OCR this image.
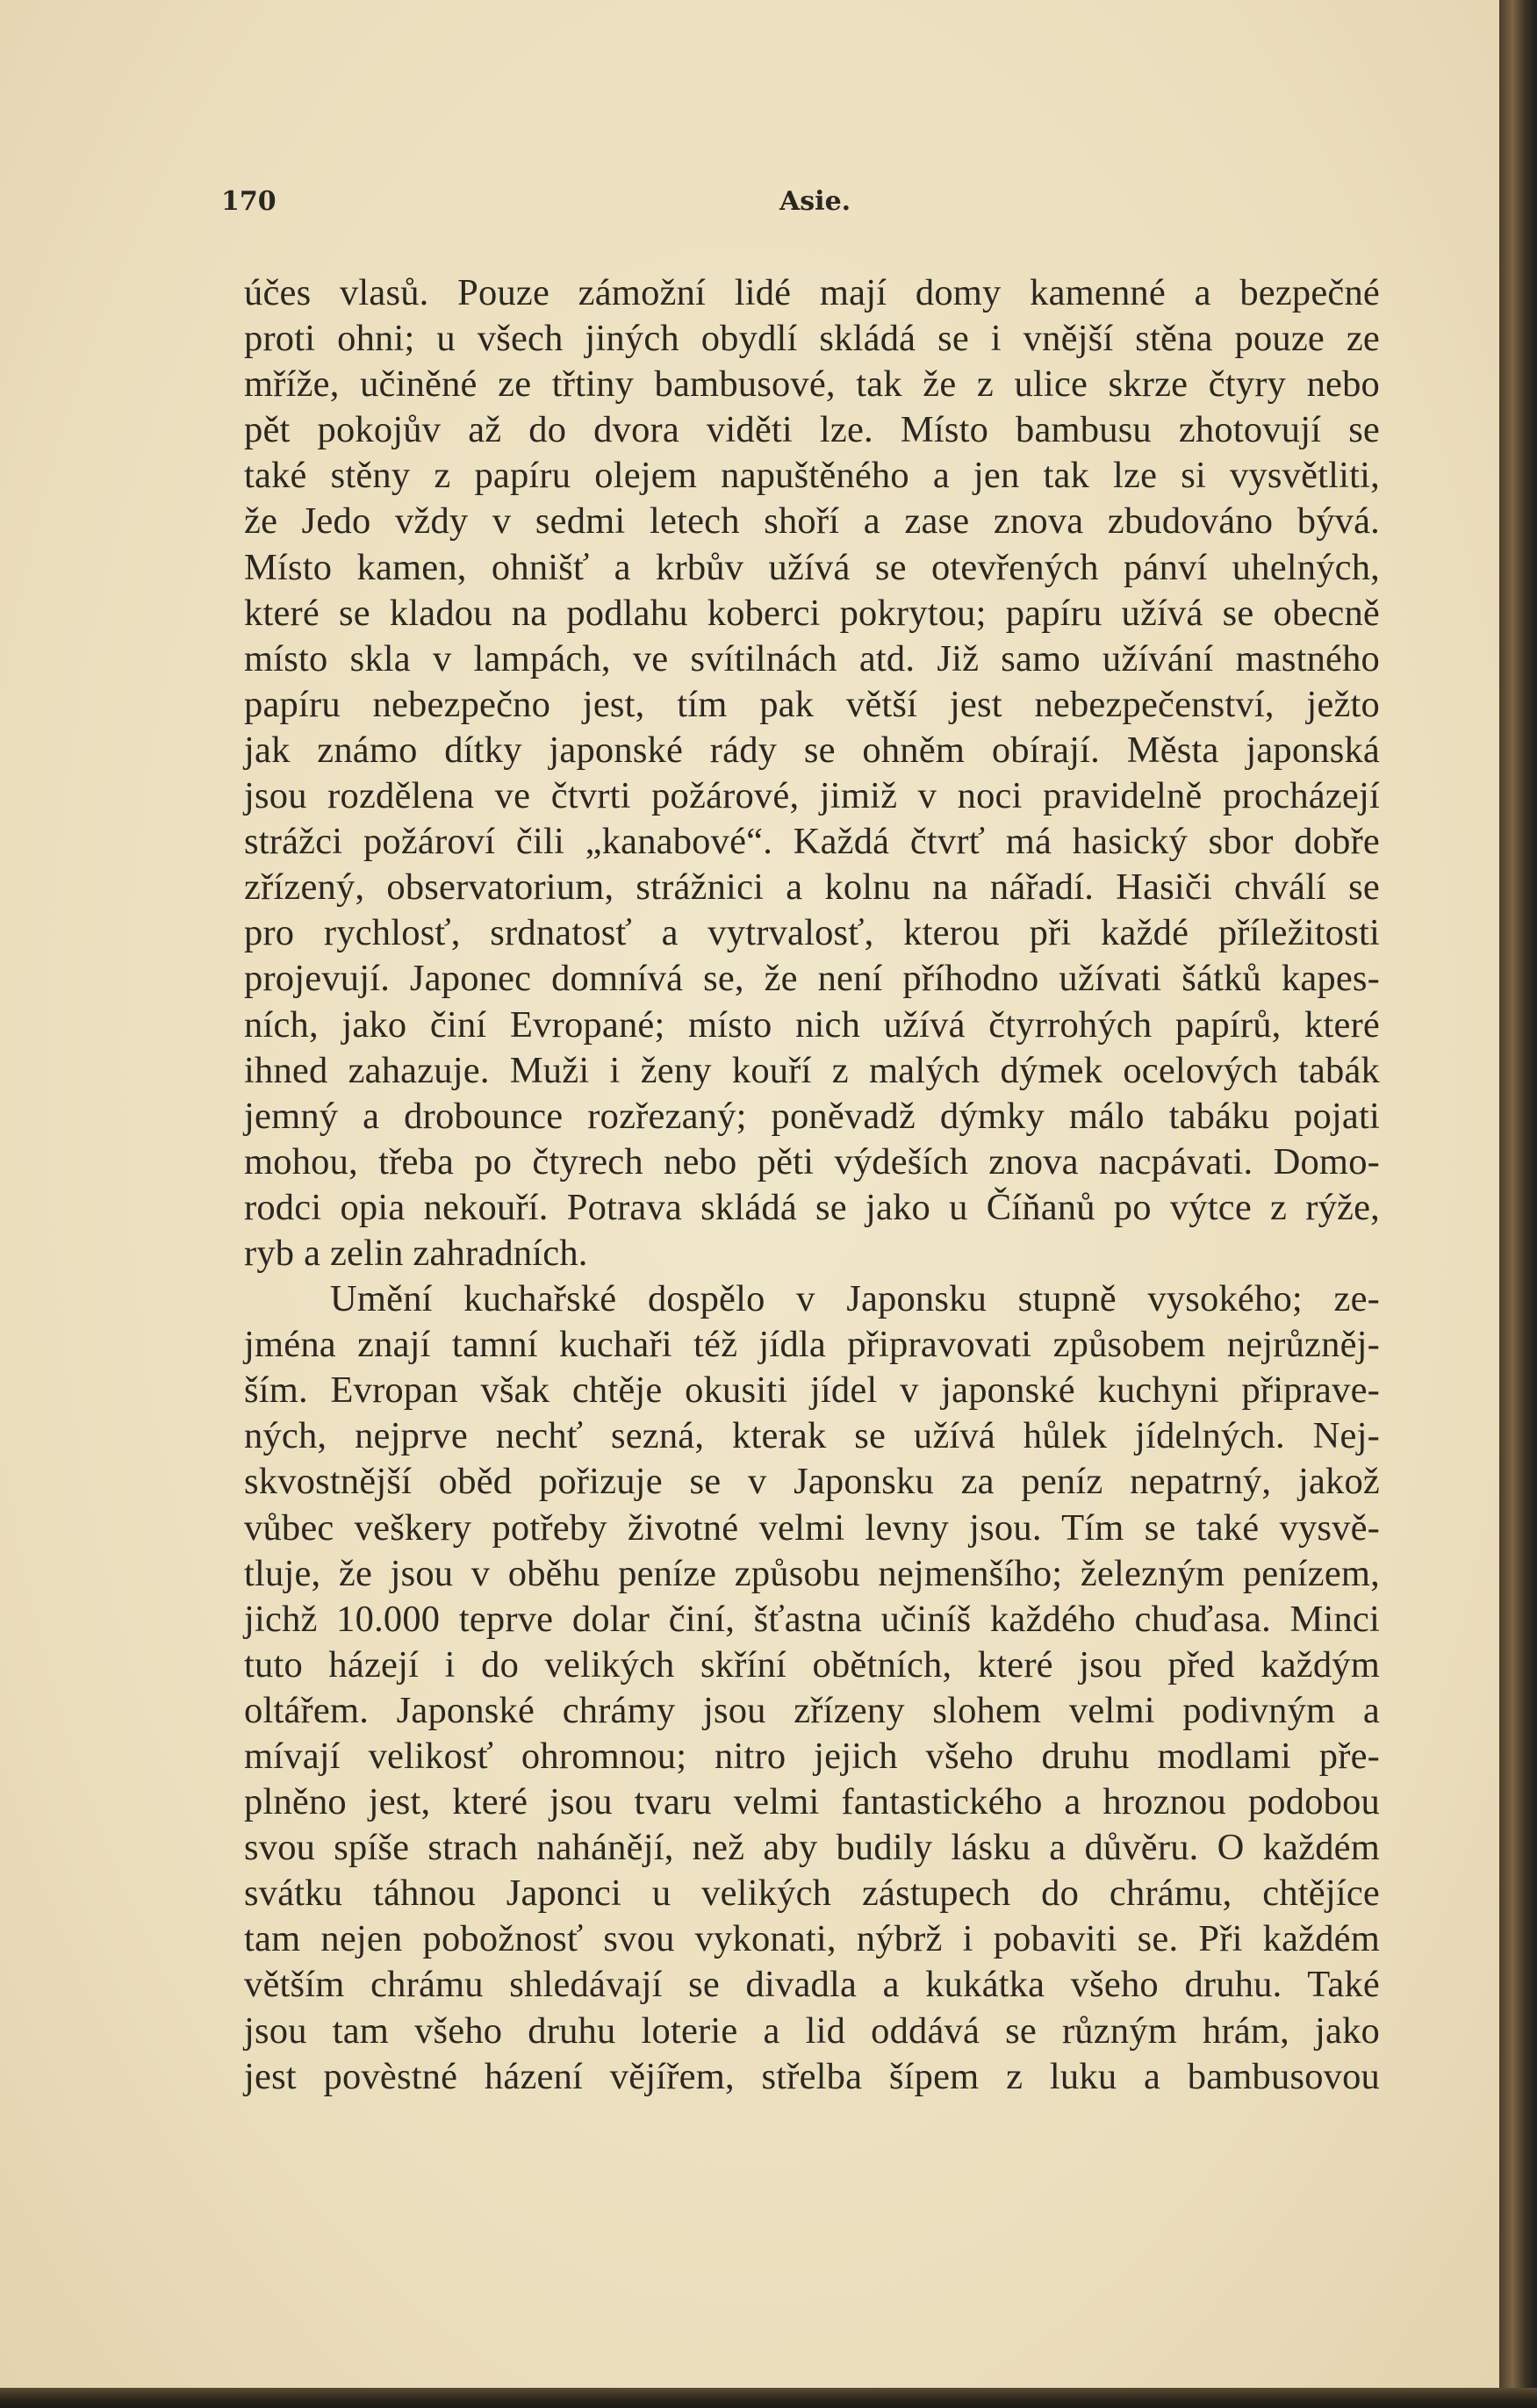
170	Asie.
účes vlasů. Pouze zámožní lidé mají domy kamenné a bezpečné
proti ohni; u všech jiných obydlí skládá se i vnější stěna pouze ze
mříže, učiněné ze třtiny bambusové, tak že z ulice skrze čtyry nebo
pět pokojův až do dvora viděti lze. Místo bambusu zhotovují se
také stěny z papíru olejem napuštěného a jen tak lze si vysvětliti,
že Jedo vždy v sedmi letech shoří a zase znova zbudováno bývá.
Místo kamen, ohnišť a krbův užívá se otevřených pánví uhelných,
které se kladou na podlahu koberci pokrytou; papíru užívá se obecně
místo skla v lampách, ve svítilnách atd. Již samo užívání mastného
papíru nebezpečno jest, tím pak větší jest nebezpečenství, ježto
jak známo dítky japonské rády se ohněm obírají. Města japonská
jsou rozdělena ve čtvrti požárové, jimiž v noci pravidelně procházejí
strážci požároví čili „kanabové“. Každá čtvrť má hasický sbor dobře
zřízený, observatorium, strážnici a kolnu na nářadí. Hasiči chválí se
pro rychlosť, srdnatosť a vytrvalosť, kterou při každé příležitosti
projevují. Japonec domnívá se, že není příhodno užívati šátků kapes-
ních, jako činí Evropané; místo nich užívá čtyrrohých papírů, které
ihned zahazuje. Muži i ženy kouří z malých dýmek ocelových tabák
jemný a drobounce rozřezaný; poněvadž dýmky málo tabáku pojati
mohou, třeba po čtyrech nebo pěti výdeších znova nacpávati. Domo-
rodci opia nekouří. Potrava skládá se jako u Číňanů po výtce z rýže,
ryb a zelin zahradních.
Umění kuchařské dospělo v Japonsku stupně vysokého; ze-
jména znají tamní kuchaři též jídla připravovati způsobem nejrůzněj-
ším. Evropan však chtěje okusiti jídel v japonské kuchyni připrave-
ných, nejprve nechť sezná, kterak se užívá hůlek jídelných. Nej-
skvostnější oběd pořizuje se v Japonsku za peníz nepatrný, jakož
vůbec veškery potřeby životné velmi levny jsou. Tím se také vysvě-
tluje, že jsou v oběhu peníze způsobu nejmenšího; železným penízem,
jichž 10.000 teprve dolar činí, šťastna učiníš každého chuďasa. Minci
tuto házejí i do velikých skříní obětních, které jsou před každým
oltářem. Japonské chrámy jsou zřízeny slohem velmi podivným a
mívají velikosť ohromnou; nitro jejich všeho druhu modlami pře-
plněno jest, které jsou tvaru velmi fantastického a hroznou podobou
svou spíše strach nahánějí, než aby budily lásku a důvěru. O každém
svátku táhnou Japonci u velikých zástupech do chrámu, chtějíce
tam nejen pobožnosť svou vykonati, nýbrž i pobaviti se. Při každém
větším chrámu shledávají se divadla a kukátka všeho druhu. Také
jsou tam všeho druhu loterie a lid oddává se různým hrám, jako
jest povèstné házení vějířem, střelba šípem z luku a bambusovou
